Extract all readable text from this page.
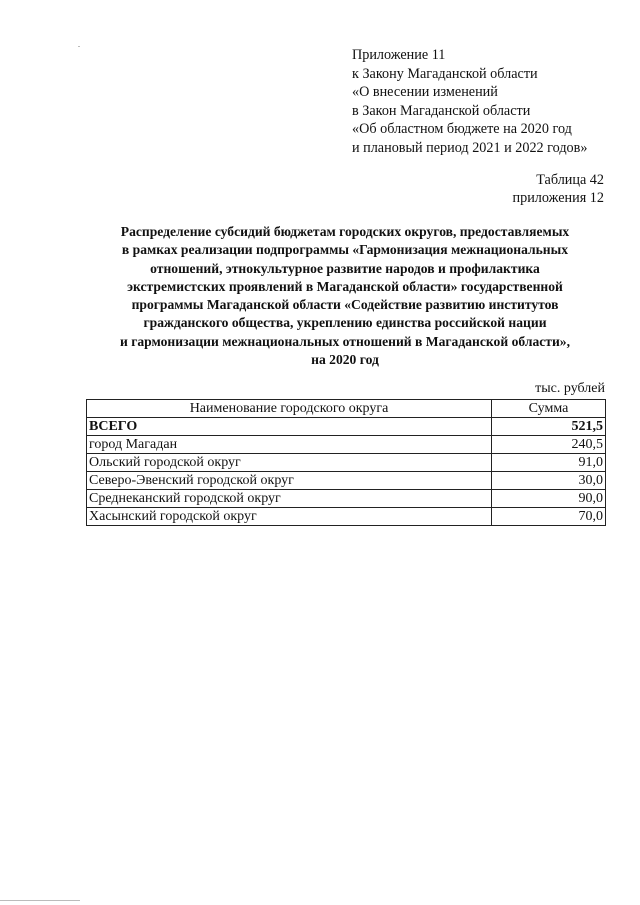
Приложение 11
к Закону Магаданской области
«О внесении изменений
в Закон Магаданской области
«Об областном бюджете на 2020 год
и плановый период 2021 и 2022 годов»
Таблица 42
приложения 12
Распределение субсидий бюджетам городских округов, предоставляемых
в рамках реализации подпрограммы «Гармонизация межнациональных
отношений, этнокультурное развитие народов и профилактика
экстремистских проявлений в Магаданской области» государственной
программы Магаданской области «Содействие развитию институтов
гражданского общества, укреплению единства российской нации
и гармонизации межнациональных отношений в Магаданской области»,
на 2020 год
тыс. рублей
Наименование городского округа	Сумма
ВСЕГО	521,5
город Магадан	240,5
Ольский городской округ	91,0
Северо-Эвенский городской округ	30,0
Среднеканский городской округ	90,0
Хасынский городской округ	70,0
